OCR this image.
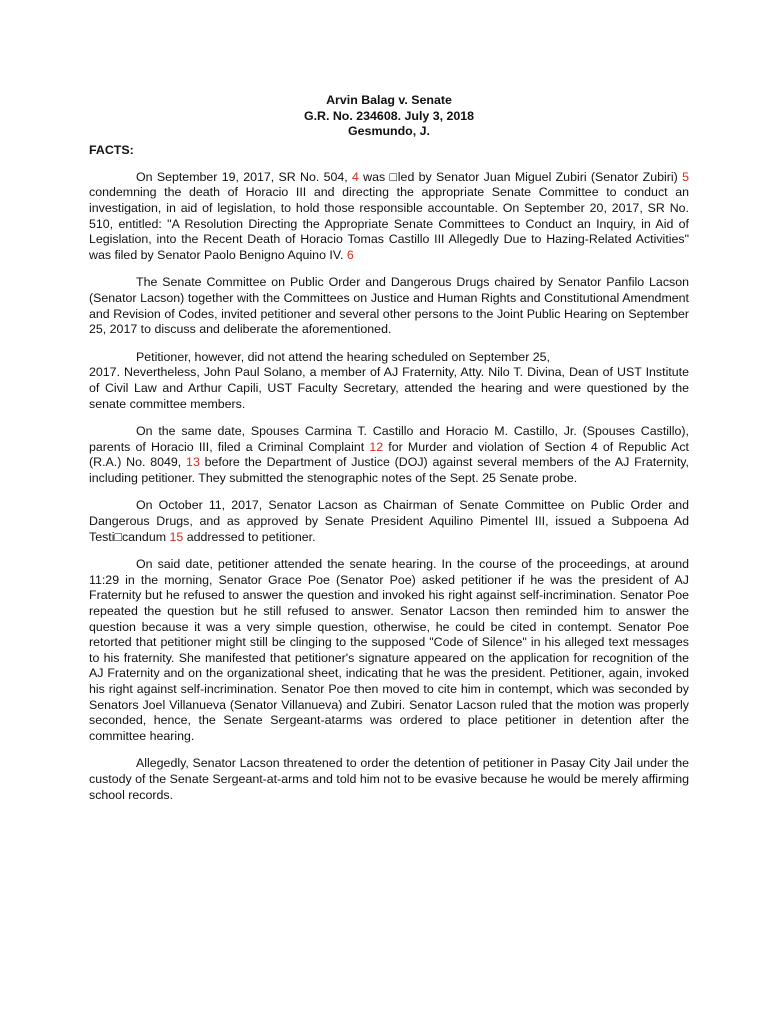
Arvin Balag v. Senate
G.R. No. 234608. July 3, 2018
Gesmundo, J.
FACTS:

On September 19, 2017, SR No. 504, 4 was □led by Senator Juan Miguel Zubiri (Senator Zubiri) 5 condemning the death of Horacio III and directing the appropriate Senate Committee to conduct an investigation, in aid of legislation, to hold those responsible accountable. On September 20, 2017, SR No. 510, entitled: "A Resolution Directing the Appropriate Senate Committees to Conduct an Inquiry, in Aid of Legislation, into the Recent Death of Horacio Tomas Castillo III Allegedly Due to Hazing-Related Activities" was filed by Senator Paolo Benigno Aquino IV. 6

The Senate Committee on Public Order and Dangerous Drugs chaired by Senator Panfilo Lacson (Senator Lacson) together with the Committees on Justice and Human Rights and Constitutional Amendment and Revision of Codes, invited petitioner and several other persons to the Joint Public Hearing on September 25, 2017 to discuss and deliberate the aforementioned.

Petitioner, however, did not attend the hearing scheduled on September 25,
2017. Nevertheless, John Paul Solano, a member of AJ Fraternity, Atty. Nilo T. Divina, Dean of UST Institute of Civil Law and Arthur Capili, UST Faculty Secretary, attended the hearing and were questioned by the senate committee members.

On the same date, Spouses Carmina T. Castillo and Horacio M. Castillo, Jr. (Spouses Castillo), parents of Horacio III, filed a Criminal Complaint 12 for Murder and violation of Section 4 of Republic Act (R.A.) No. 8049, 13 before the Department of Justice (DOJ) against several members of the AJ Fraternity, including petitioner. They submitted the stenographic notes of the Sept. 25 Senate probe.

On October 11, 2017, Senator Lacson as Chairman of Senate Committee on Public Order and Dangerous Drugs, and as approved by Senate President Aquilino Pimentel III, issued a Subpoena Ad Testi□candum 15 addressed to petitioner.

On said date, petitioner attended the senate hearing. In the course of the proceedings, at around 11:29 in the morning, Senator Grace Poe (Senator Poe) asked petitioner if he was the president of AJ Fraternity but he refused to answer the question and invoked his right against self-incrimination. Senator Poe repeated the question but he still refused to answer. Senator Lacson then reminded him to answer the question because it was a very simple question, otherwise, he could be cited in contempt. Senator Poe retorted that petitioner might still be clinging to the supposed "Code of Silence" in his alleged text messages to his fraternity. She manifested that petitioner's signature appeared on the application for recognition of the AJ Fraternity and on the organizational sheet, indicating that he was the president. Petitioner, again, invoked his right against self-incrimination. Senator Poe then moved to cite him in contempt, which was seconded by Senators Joel Villanueva (Senator Villanueva) and Zubiri. Senator Lacson ruled that the motion was properly seconded, hence, the Senate Sergeant-atarms was ordered to place petitioner in detention after the committee hearing.

Allegedly, Senator Lacson threatened to order the detention of petitioner in Pasay City Jail under the custody of the Senate Sergeant-at-arms and told him not to be evasive because he would be merely affirming school records.
